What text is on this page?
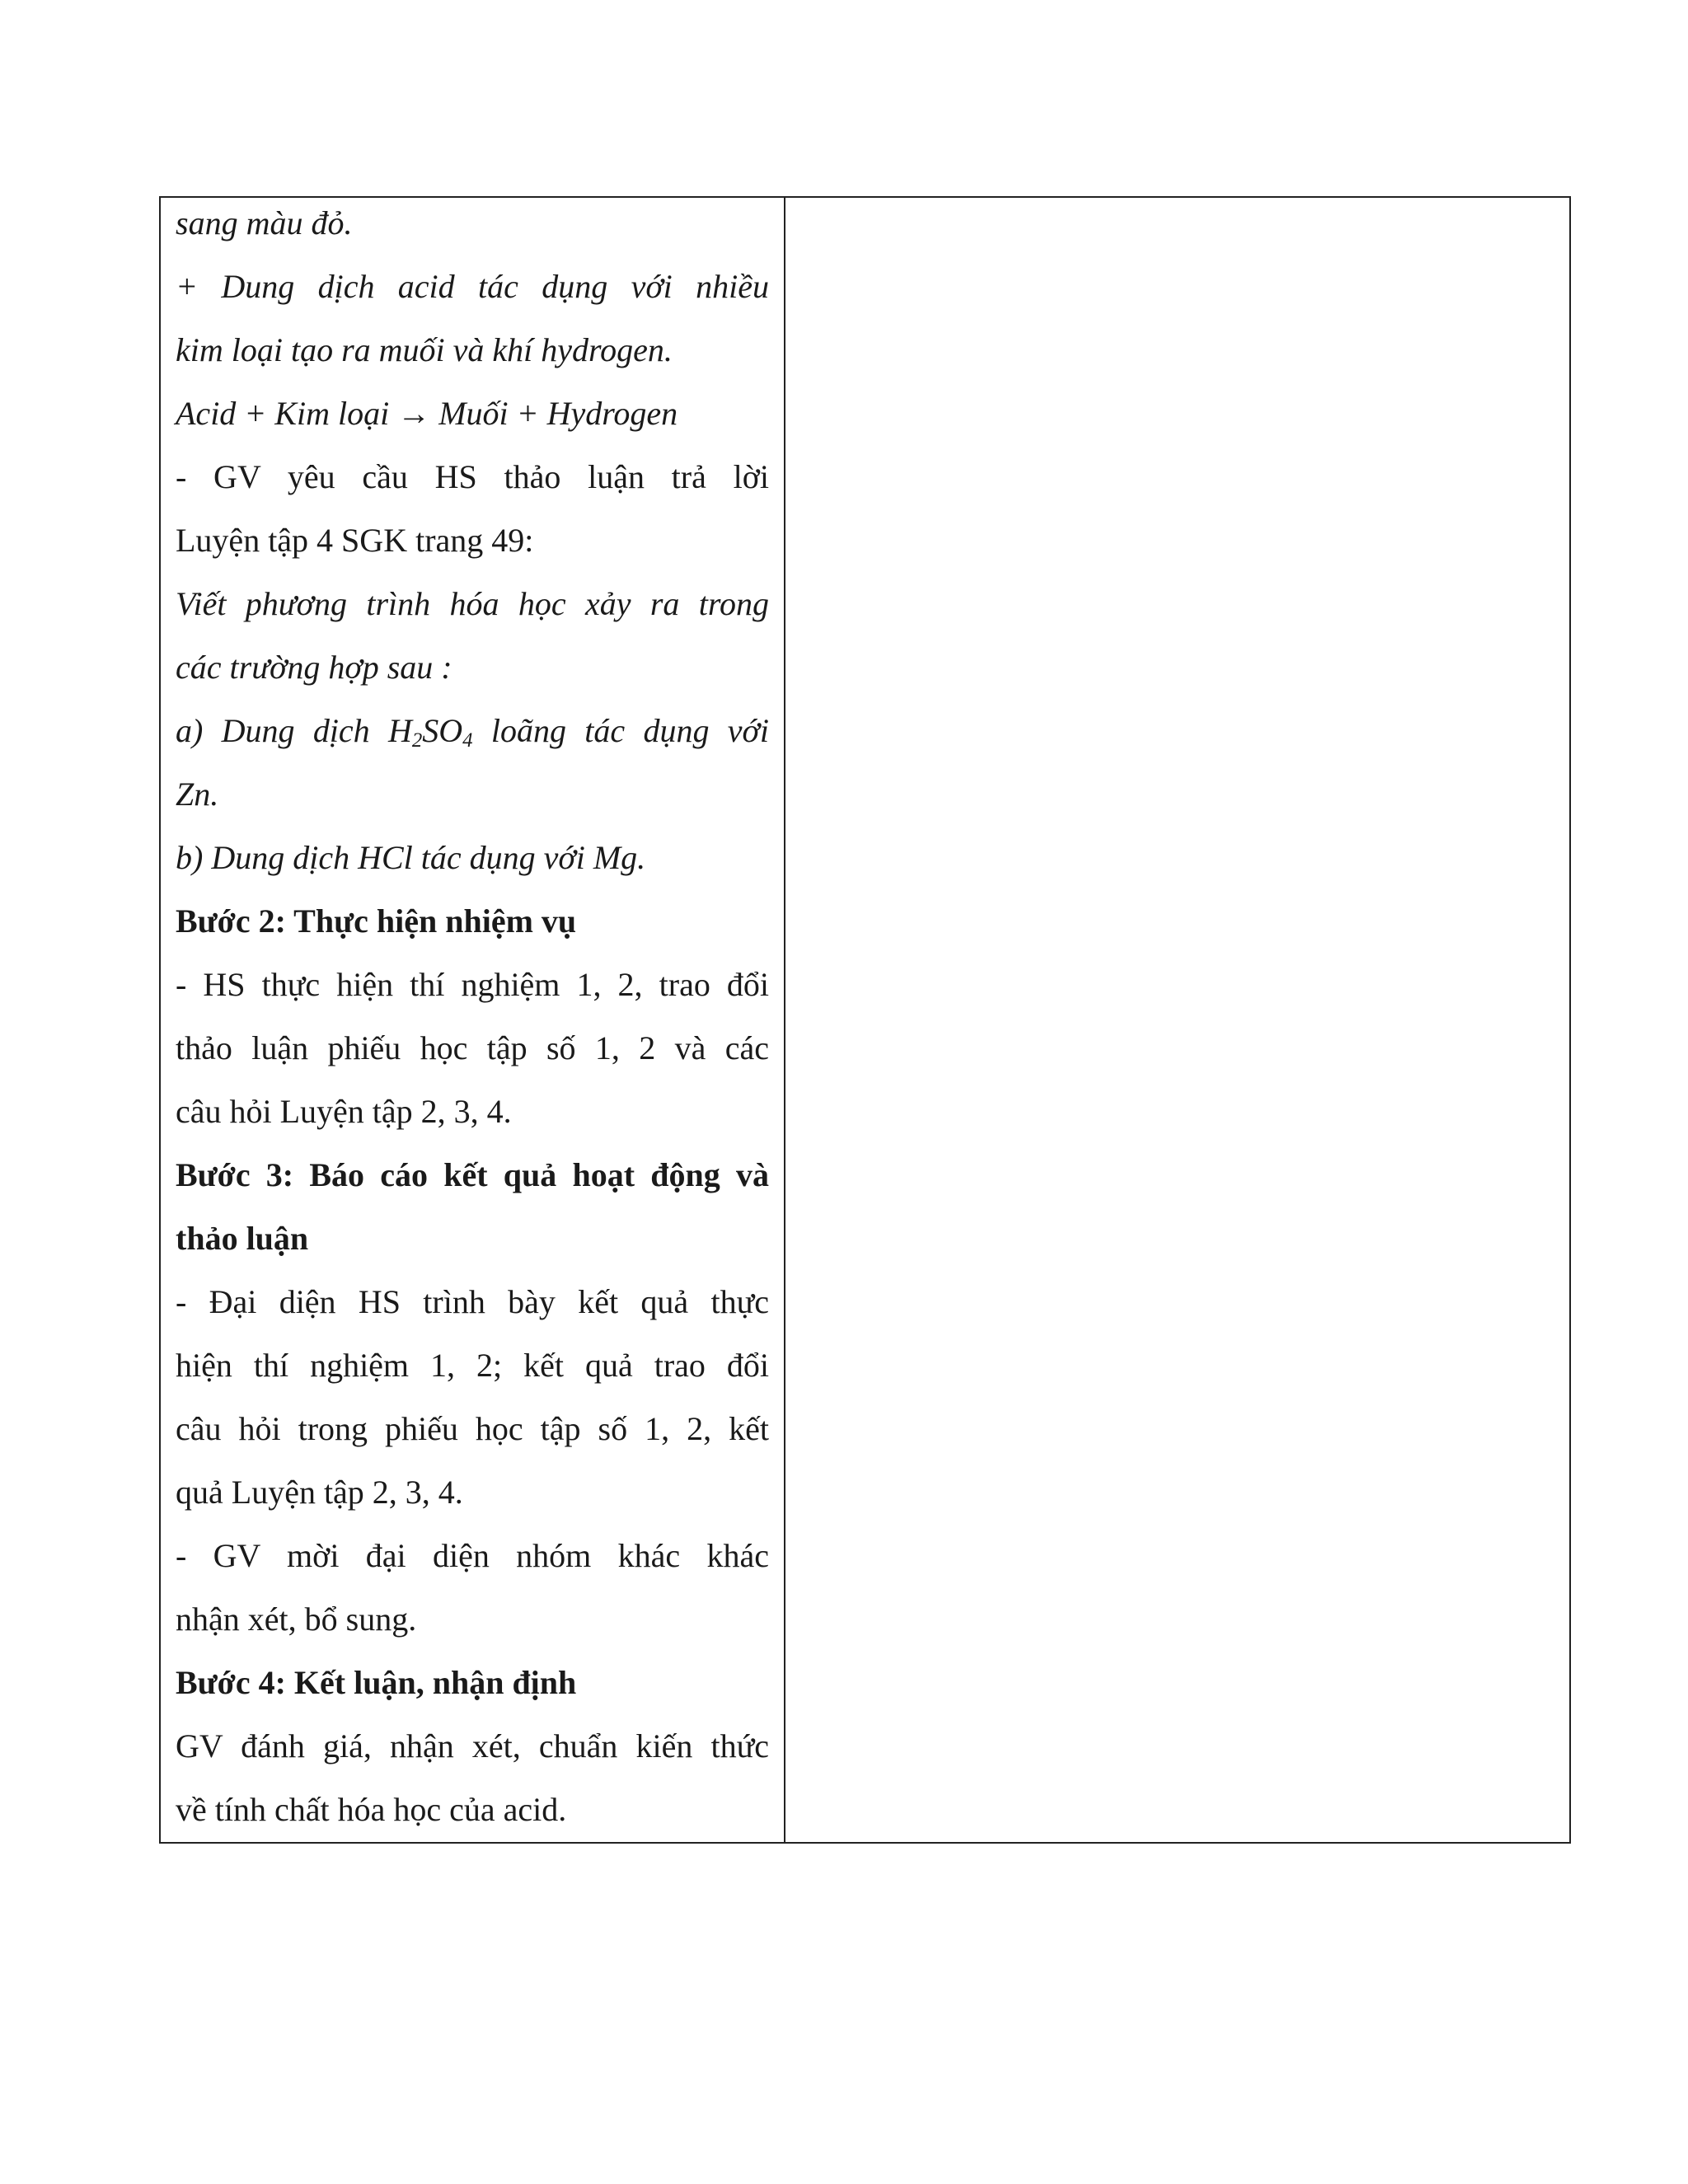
sang màu đỏ.
+ Dung dịch acid tác dụng với nhiều
kim loại tạo ra muối và khí hydrogen.
Acid + Kim loại → Muối + Hydrogen
- GV yêu cầu HS thảo luận trả lời
Luyện tập 4 SGK trang 49:
Viết phương trình hóa học xảy ra trong
các trường hợp sau :
a) Dung dịch $H_2SO_4$ loãng tác dụng với
Zn.
b) Dung dịch HCl tác dụng với Mg.
Bước 2: Thực hiện nhiệm vụ
- HS thực hiện thí nghiệm 1, 2, trao đổi
thảo luận phiếu học tập số 1, 2 và các
câu hỏi Luyện tập 2, 3, 4.
Bước 3: Báo cáo kết quả hoạt động và
thảo luận
- Đại diện HS trình bày kết quả thực
hiện thí nghiệm 1, 2; kết quả trao đổi
câu hỏi trong phiếu học tập số 1, 2, kết
quả Luyện tập 2, 3, 4.
- GV mời đại diện nhóm khác khác
nhận xét, bổ sung.
Bước 4: Kết luận, nhận định
GV đánh giá, nhận xét, chuẩn kiến thức
về tính chất hóa học của acid.
